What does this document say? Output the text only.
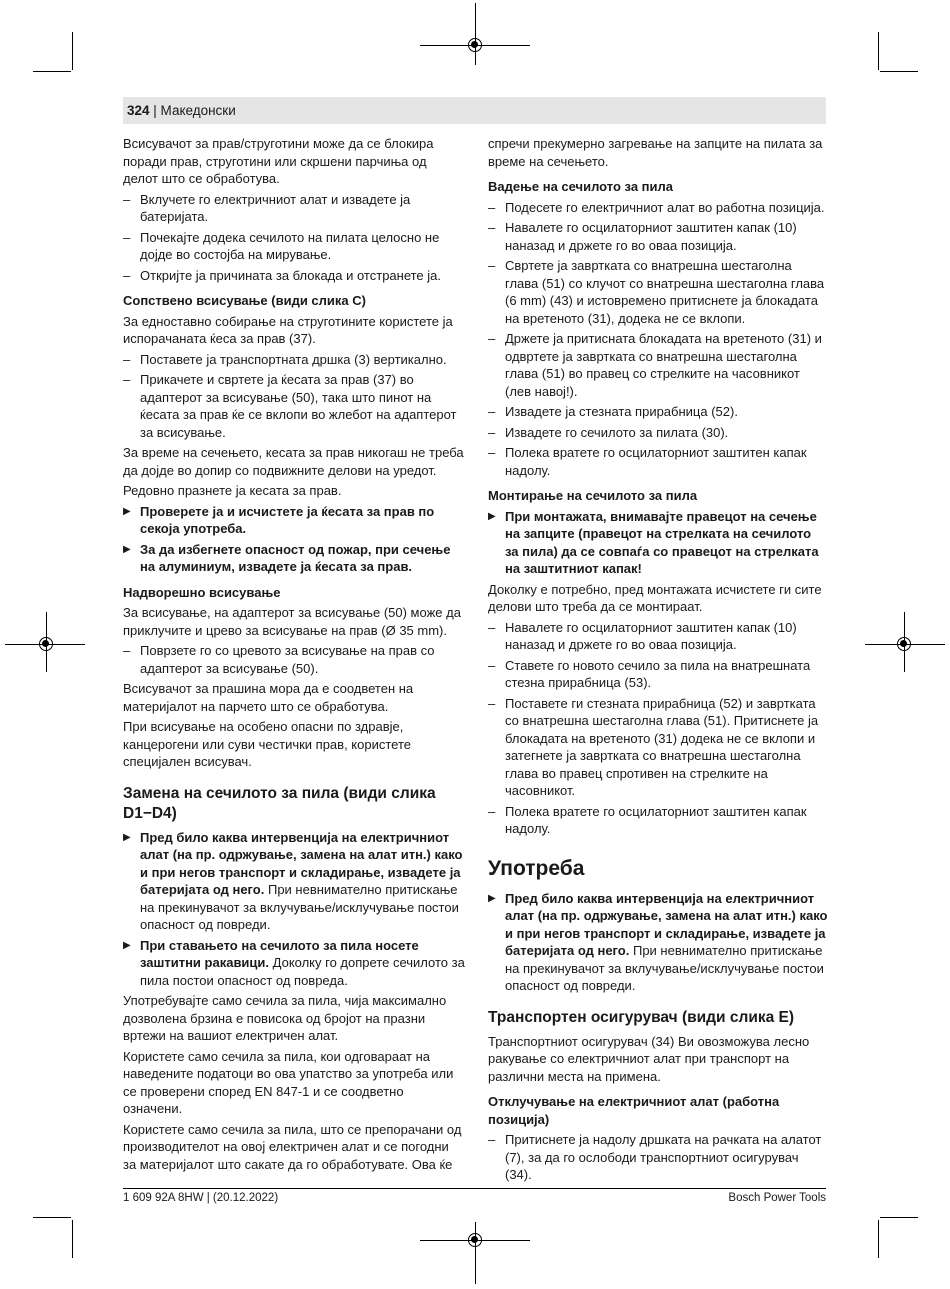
324 | Македонски

Всисувачот за прав/струготини може да се блокира поради прав, струготини или скршени парчиња од делот што се обработува.

– Вклучете го електричниот алат и извадете ја батеријата.
– Почекајте додека сечилото на пилата целосно не дојде во состојба на мирување.
– Откријте ја причината за блокада и отстранете ја.
Сопствено всисување (види слика C)

За едноставно собирање на струготините користете ја испорачаната ќеса за прав (37).

– Поставете ја транспортната дршка (3) вертикално.
– Прикачете и свртете ја ќесата за прав (37) во адаптерот за всисување (50), така што пинот на ќесата за прав ќе се вклопи во жлебот на адаптерот за всисување.

За време на сечењето, кесата за прав никогаш не треба да дојде во допир со подвижните делови на уредот.

Редовно празнете ја кесата за прав.

▶ Проверете ја и исчистете ја ќесата за прав по секоја употреба.
▶ За да избегнете опасност од пожар, при сечење на алуминиум, извадете ја ќесата за прав.
Надворешно всисување

За всисување, на адаптерот за всисување (50) може да приклучите и црево за всисување на прав (Ø 35 mm).

– Поврзете го со цревото за всисување на прав со адаптерот за всисување (50).

Всисувачот за прашина мора да е соодветен на материјалот на парчето што се обработува.

При всисување на особено опасни по здравје, канцерогени или суви честички прав, користете специјален всисувач.

Замена на сечилото за пила (види слика D1−D4)
▶ Пред било каква интервенција на електричниот алат (на пр. одржување, замена на алат итн.) како и при негов транспорт и складирање, извадете ја батеријата од него. При невнимателно притискање на прекинувачот за вклучување/исклучување постои опасност од повреди.
▶ При ставањето на сечилото за пила носете заштитни ракавици. Доколку го допрете сечилото за пила постои опасност од повреда.

Употребувајте само сечила за пила, чија максимално дозволена брзина е повисока од бројот на празни вртежи на вашиот електричен алат.

Користете само сечила за пила, кои одговараат на наведените податоци во ова упатство за употреба или се проверени според EN 847-1 и се соодветно означени.

Користете само сечила за пила, што се препорачани од производителот на овој електричен алат и се погодни за материјалот што сакате да го обработувате. Ова ќе

спречи прекумерно загревање на запците на пилата за време на сечењето.

Вадење на сечилото за пила
– Подесете го електричниот алат во работна позиција.
– Навалете го осцилаторниот заштитен капак (10) наназад и држете го во оваа позиција.
– Свртете ја завртката со внатрешна шестаголна глава (51) со клучот со внатрешна шестаголна глава (6 mm) (43) и истовремено притиснете ја блокадата на вретеното (31), додека не се вклопи.
– Држете ја притисната блокадата на вретеното (31) и одвртете ја завртката со внатрешна шестаголна глава (51) во правец со стрелките на часовникот (лев навој!).
– Извадете ја стезната прирабница (52).
– Извадете го сечилото за пилата (30).
– Полека вратете го осцилаторниот заштитен капак надолу.
Монтирање на сечилото за пила
▶ При монтажата, внимавајте правецот на сечење на запците (правецот на стрелката на сечилото за пила) да се совпаѓа со правецот на стрелката на заштитниот капак!

Доколку е потребно, пред монтажата исчистете ги сите делови што треба да се монтираат.

– Навалете го осцилаторниот заштитен капак (10) наназад и држете го во оваа позиција.
– Ставете го новото сечило за пила на внатрешната стезна прирабница (53).
– Поставете ги стезната прирабница (52) и завртката со внатрешна шестаголна глава (51). Притиснете ја блокадата на вретеното (31) додека не се вклопи и затегнете ја завртката со внатрешна шестаголна глава во правец спротивен на стрелките на часовникот.
– Полека вратете го осцилаторниот заштитен капак надолу.
Употреба
▶ Пред било каква интервенција на електричниот алат (на пр. одржување, замена на алат итн.) како и при негов транспорт и складирање, извадете ја батеријата од него. При невнимателно притискање на прекинувачот за вклучување/исклучување постои опасност од повреди.
Транспортен осигурувач (види слика E)

Транспортниот осигурувач (34) Ви овозможува лесно ракување со електричниот алат при транспорт на различни места на примена.

Отклучување на електричниот алат (работна позиција)
– Притиснете ја надолу дршката на рачката на алатот (7), за да го ослободи транспортниот осигурувач (34).
1 609 92A 8HW | (20.12.2022)	Bosch Power Tools
